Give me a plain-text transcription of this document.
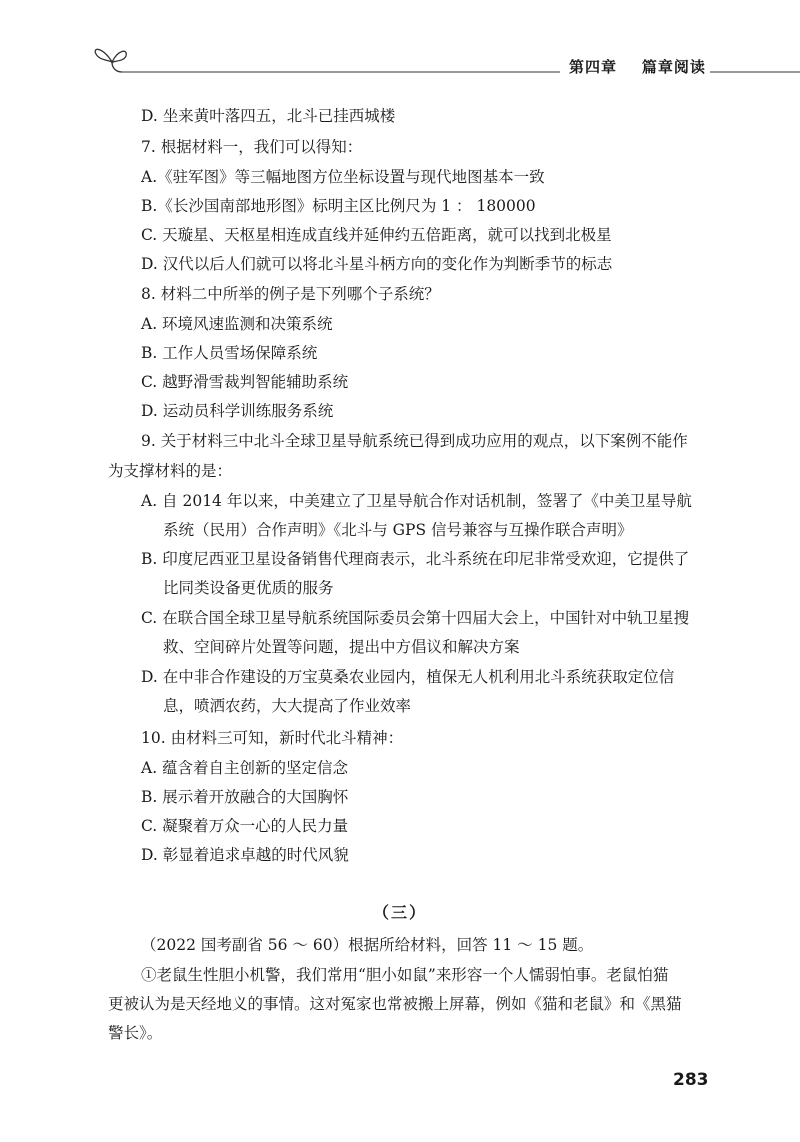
第四章 篇章阅读
D. 坐来黄叶落四五，北斗已挂西城楼
7. 根据材料一，我们可以得知：
A.《驻军图》等三幅地图方位坐标设置与现代地图基本一致
B.《长沙国南部地形图》标明主区比例尺为 1 ： 180000
C. 天璇星、天枢星相连成直线并延伸约五倍距离，就可以找到北极星
D. 汉代以后人们就可以将北斗星斗柄方向的变化作为判断季节的标志
8. 材料二中所举的例子是下列哪个子系统？
A. 环境风速监测和决策系统
B. 工作人员雪场保障系统
C. 越野滑雪裁判智能辅助系统
D. 运动员科学训练服务系统
9. 关于材料三中北斗全球卫星导航系统已得到成功应用的观点，以下案例不能作
为支撑材料的是：
A. 自 2014 年以来，中美建立了卫星导航合作对话机制，签署了《中美卫星导航
系统（民用）合作声明》《北斗与 GPS 信号兼容与互操作联合声明》
B. 印度尼西亚卫星设备销售代理商表示，北斗系统在印尼非常受欢迎，它提供了
比同类设备更优质的服务
C. 在联合国全球卫星导航系统国际委员会第十四届大会上，中国针对中轨卫星搜
救、空间碎片处置等问题，提出中方倡议和解决方案
D. 在中非合作建设的万宝莫桑农业园内，植保无人机利用北斗系统获取定位信
息，喷洒农药，大大提高了作业效率
10. 由材料三可知，新时代北斗精神：
A. 蕴含着自主创新的坚定信念
B. 展示着开放融合的大国胸怀
C. 凝聚着万众一心的人民力量
D. 彰显着追求卓越的时代风貌
（三）
（2022 国考副省 56 ～ 60）根据所给材料，回答 11 ～ 15 题。
①老鼠生性胆小机警，我们常用“胆小如鼠”来形容一个人懦弱怕事。老鼠怕猫
更被认为是天经地义的事情。这对冤家也常被搬上屏幕，例如《猫和老鼠》和《黑猫
警长》。
283
